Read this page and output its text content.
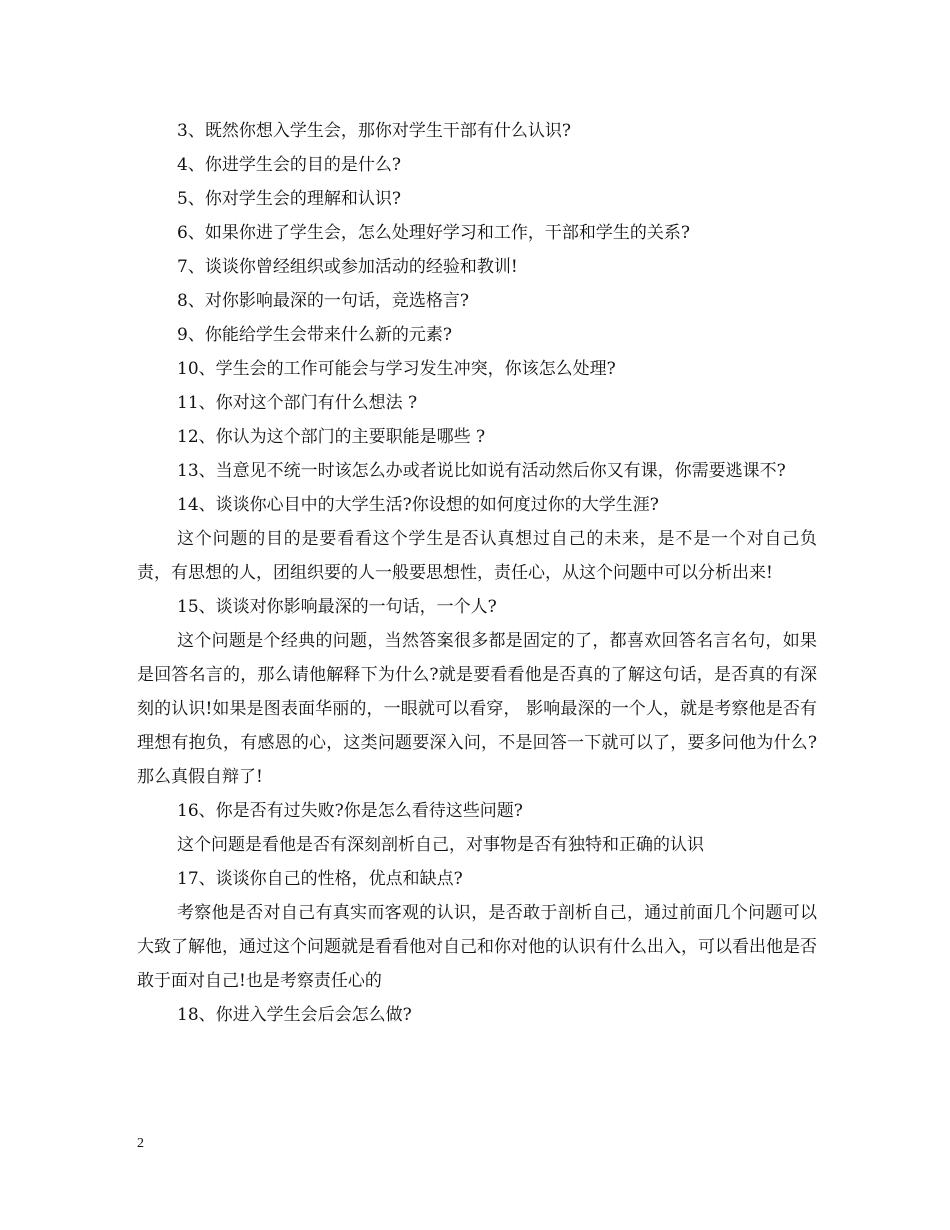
3、既然你想入学生会，那你对学生干部有什么认识?

4、你进学生会的目的是什么?

5、你对学生会的理解和认识?

6、如果你进了学生会，怎么处理好学习和工作，干部和学生的关系?

7、谈谈你曾经组织或参加活动的经验和教训!

8、对你影响最深的一句话，竞选格言?

9、你能给学生会带来什么新的元素?

10、学生会的工作可能会与学习发生冲突，你该怎么处理?

11、你对这个部门有什么想法 ?

12、你认为这个部门的主要职能是哪些 ?

13、当意见不统一时该怎么办或者说比如说有活动然后你又有课，你需要逃课不?

14、谈谈你心目中的大学生活?你设想的如何度过你的大学生涯?

这个问题的目的是要看看这个学生是否认真想过自己的未来，是不是一个对自己负责，有思想的人，团组织要的人一般要思想性，责任心，从这个问题中可以分析出来!

15、谈谈对你影响最深的一句话，一个人?

这个问题是个经典的问题，当然答案很多都是固定的了，都喜欢回答名言名句，如果是回答名言的，那么请他解释下为什么?就是要看看他是否真的了解这句话，是否真的有深刻的认识!如果是图表面华丽的，一眼就可以看穿， 影响最深的一个人，就是考察他是否有理想有抱负，有感恩的心，这类问题要深入问，不是回答一下就可以了，要多问他为什么?那么真假自辩了!

16、你是否有过失败?你是怎么看待这些问题?

这个问题是看他是否有深刻剖析自己，对事物是否有独特和正确的认识

17、谈谈你自己的性格，优点和缺点?

考察他是否对自己有真实而客观的认识，是否敢于剖析自己，通过前面几个问题可以大致了解他，通过这个问题就是看看他对自己和你对他的认识有什么出入，可以看出他是否敢于面对自己!也是考察责任心的

18、你进入学生会后会怎么做?

2
